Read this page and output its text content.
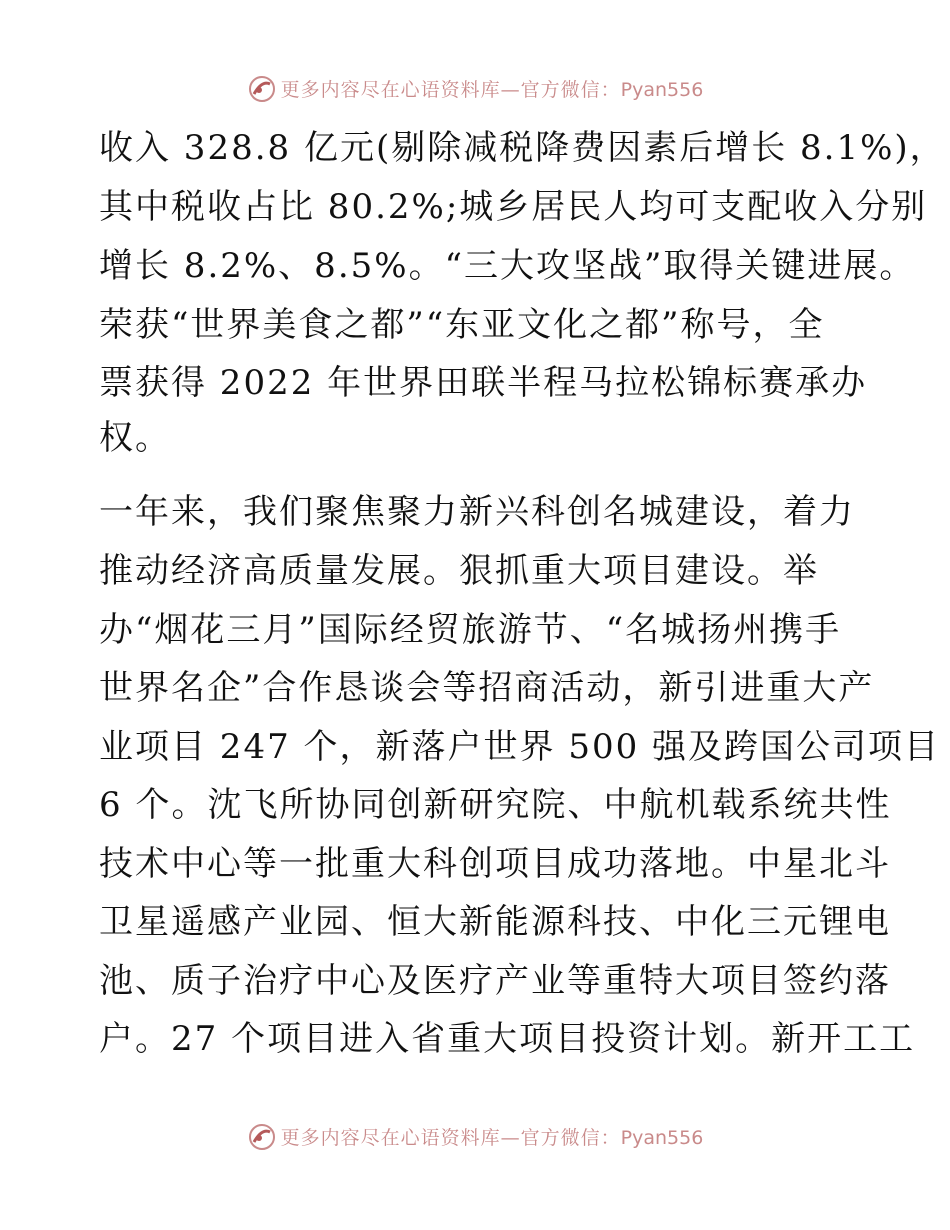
更多内容尽在心语资料库—官方微信：Pyan556
收入 328.8 亿元(剔除减税降费因素后增长 8.1%)，
其中税收占比 80.2%;城乡居民人均可支配收入分别
增长 8.2%、8.5%。“三大攻坚战”取得关键进展。
荣获“世界美食之都”“东亚文化之都”称号，全
票获得 2022 年世界田联半程马拉松锦标赛承办
权。
一年来，我们聚焦聚力新兴科创名城建设，着力
推动经济高质量发展。狠抓重大项目建设。举
办“烟花三月”国际经贸旅游节、“名城扬州携手
世界名企”合作恳谈会等招商活动，新引进重大产
业项目 247 个，新落户世界 500 强及跨国公司项目
6 个。沈飞所协同创新研究院、中航机载系统共性
技术中心等一批重大科创项目成功落地。中星北斗
卫星遥感产业园、恒大新能源科技、中化三元锂电
池、质子治疗中心及医疗产业等重特大项目签约落
户。27 个项目进入省重大项目投资计划。新开工工
更多内容尽在心语资料库—官方微信：Pyan556
